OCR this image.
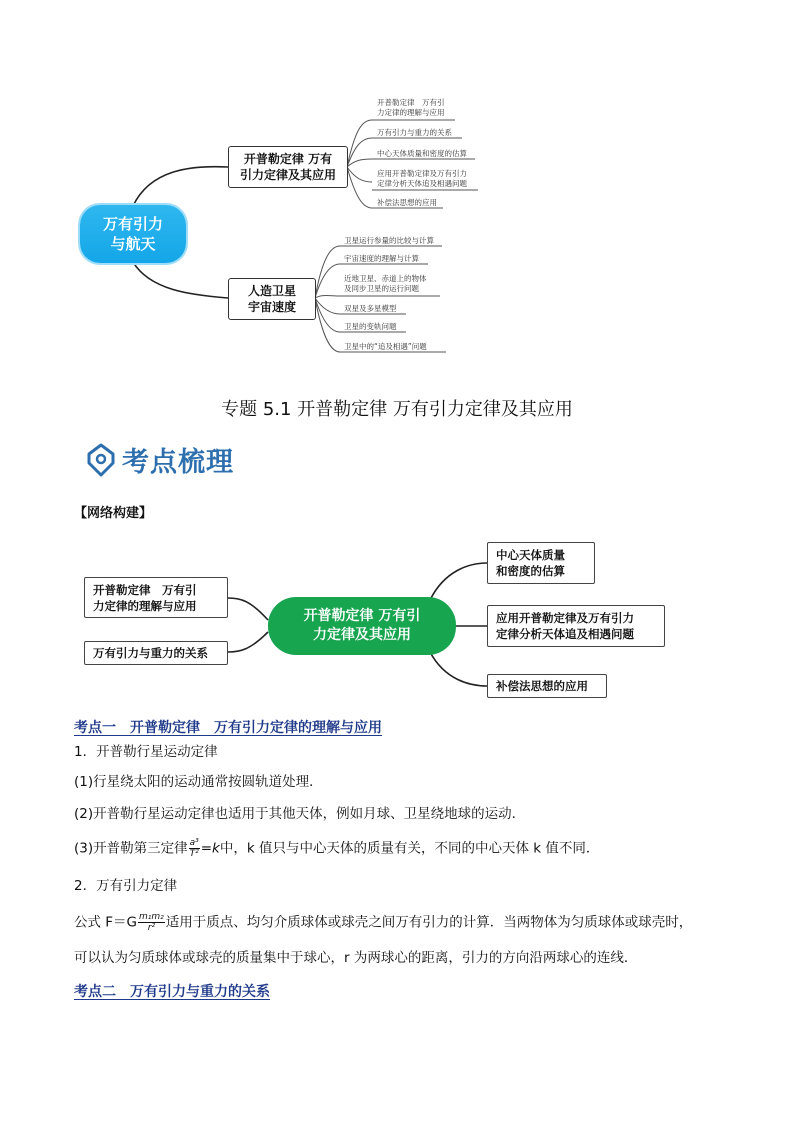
万有引力
与航天
开普勒定律 万有
引力定律及其应用
人造卫星
宇宙速度
开普勒定律　万有引
力定律的理解与应用
万有引力与重力的关系
中心天体质量和密度的估算
应用开普勒定律及万有引力
定律分析天体追及相遇问题
补偿法思想的应用
卫星运行参量的比较与计算
宇宙速度的理解与计算
近地卫星、赤道上的物体
及同步卫星的运行问题
双星及多星模型
卫星的变轨问题
卫星中的“追及相遇”问题
专题 5.1 开普勒定律 万有引力定律及其应用
考点梳理
【网络构建】
开普勒定律 万有引
力定律及其应用
开普勒定律　万有引
力定律的理解与应用
万有引力与重力的关系
中心天体质量
和密度的估算
应用开普勒定律及万有引力
定律分析天体追及相遇问题
补偿法思想的应用
考点一　开普勒定律　万有引力定律的理解与应用
1．开普勒行星运动定律
(1)行星绕太阳的运动通常按圆轨道处理．
(2)开普勒行星运动定律也适用于其他天体，例如月球、卫星绕地球的运动．
(3)开普勒第三定律 $\frac{\text{a³}}{\text{T²}} =k$中，k 值只与中心天体的质量有关，不同的中心天体 k 值不同．
2．万有引力定律
公式 $F=G \frac{\text{m₁m₂}}{\text{r²}}$ 适用于质点、均匀介质球体或球壳之间万有引力的计算．当两物体为匀质球体或球壳时，
可以认为匀质球体或球壳的质量集中于球心，r 为两球心的距离，引力的方向沿两球心的连线．
考点二　万有引力与重力的关系
